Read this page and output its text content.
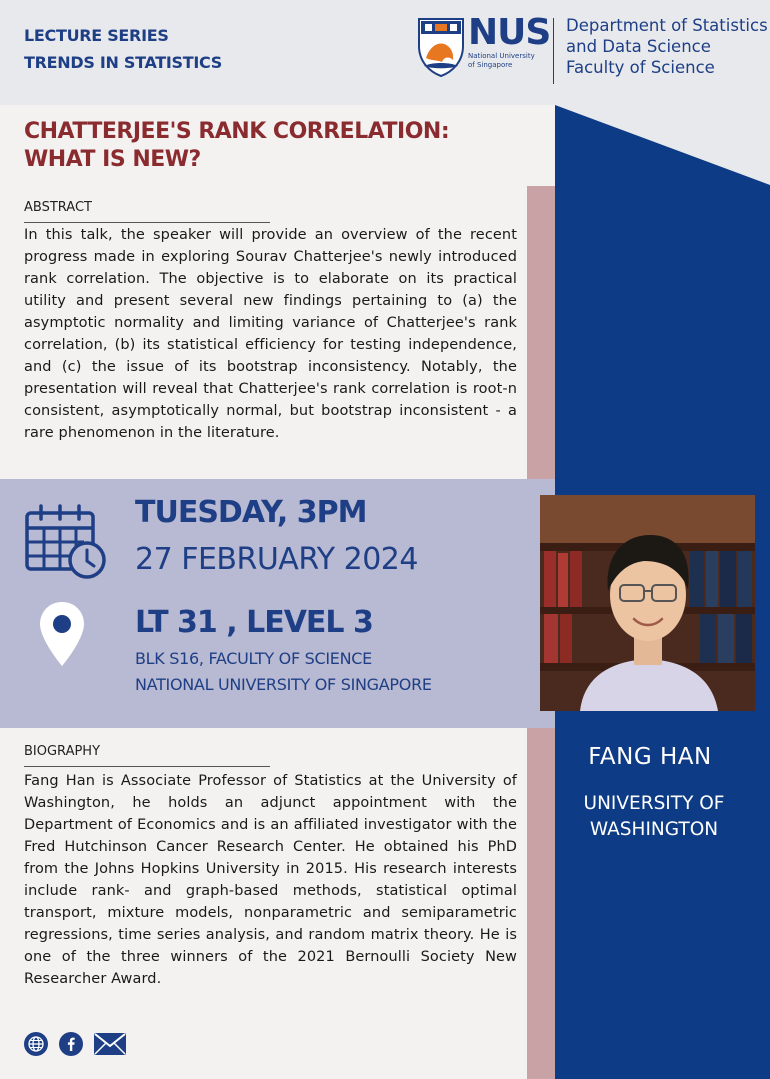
LECTURE SERIES
TRENDS IN STATISTICS
NUS
National University
of Singapore
Department of Statistics
and Data Science
Faculty of Science
CHATTERJEE'S RANK CORRELATION:
WHAT IS NEW?
ABSTRACT
In this talk, the speaker will provide an overview of the recent progress made in exploring Sourav Chatterjee's newly introduced rank correlation. The objective is to elaborate on its practical utility and present several new findings pertaining to (a) the asymptotic normality and limiting variance of Chatterjee's rank correlation, (b) its statistical efficiency for testing independence, and (c) the issue of its bootstrap inconsistency. Notably, the presentation will reveal that Chatterjee's rank correlation is root-n consistent, asymptotically normal, but bootstrap inconsistent - a rare phenomenon in the literature.
TUESDAY, 3PM
27 FEBRUARY 2024
LT 31 , LEVEL 3
BLK S16, FACULTY OF SCIENCE
NATIONAL UNIVERSITY OF SINGAPORE
FANG HAN
UNIVERSITY OF
WASHINGTON
BIOGRAPHY
Fang Han is Associate Professor of Statistics at the University of Washington, he holds an adjunct appointment with the Department of Economics and is an affiliated investigator with the Fred Hutchinson Cancer Research Center. He obtained his PhD from the Johns Hopkins University in 2015. His research interests include rank- and graph-based methods, statistical optimal transport, mixture models, nonparametric and semiparametric regressions, time series analysis, and random matrix theory. He is one of the three winners of the 2021 Bernoulli Society New Researcher Award.
